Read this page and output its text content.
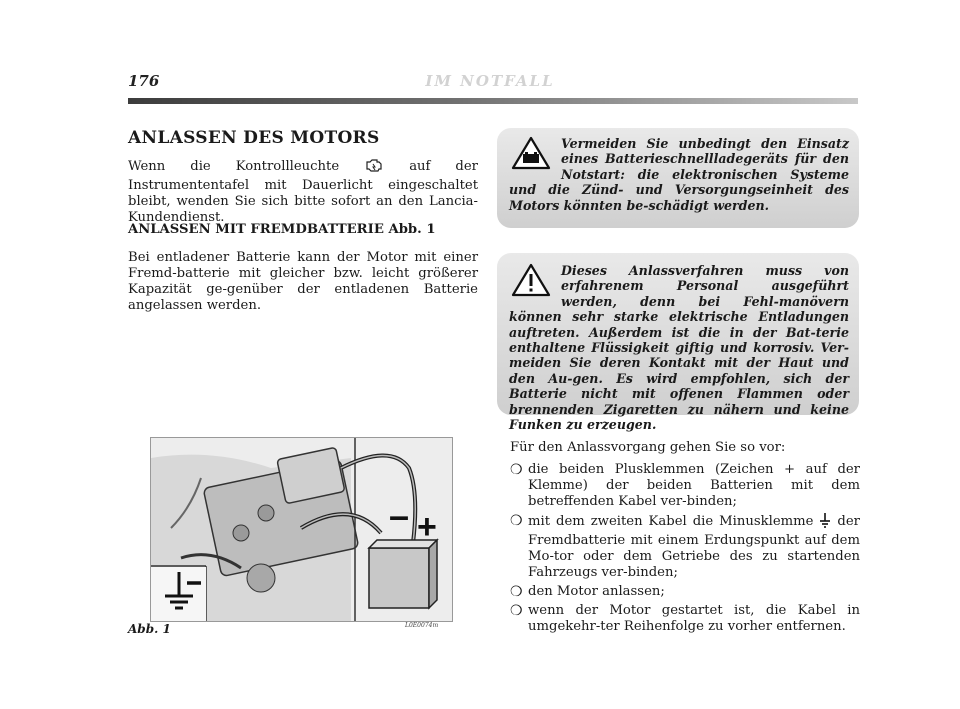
176	IM NOTFALL
ANLASSEN DES MOTORS
Wenn die Kontrollleuchte	auf der Instrumententafel mit Dauerlicht eingeschaltet bleibt, wenden Sie sich bitte sofort an den Lancia-Kundendienst.
ANLASSEN MIT FREMDBATTERIE Abb. 1
Bei entladener Batterie kann der Motor mit einer Fremd-batterie mit gleicher bzw. leicht größerer Kapazität ge-genüber der entladenen Batterie angelassen werden.
Vermeiden Sie unbedingt den Einsatz eines Batterieschnellladegeräts für den Notstart: die elektronischen Systeme und die Zünd- und Versorgungseinheit des Motors könnten be-schädigt werden.
Dieses Anlassverfahren muss von erfahrenem Personal ausgeführt werden, denn bei Fehl-manövern können sehr starke elektrische Entladungen auftreten. Außerdem ist die in der Bat-terie enthaltene Flüssigkeit giftig und korrosiv. Ver-meiden Sie deren Kontakt mit der Haut und den Au-gen. Es wird empfohlen, sich der Batterie nicht mit offenen Flammen oder brennenden Zigaretten zu nähern und keine Funken zu erzeugen.
– +
Abb. 1	L0E0074m
Für den Anlassvorgang gehen Sie so vor:
❍ die beiden Plusklemmen (Zeichen + auf der Klemme) der beiden Batterien mit dem betreffenden Kabel ver-binden;
❍ mit dem zweiten Kabel die Minusklemme der Fremdbatterie mit einem Erdungspunkt auf dem Mo-tor oder dem Getriebe des zu startenden Fahrzeugs ver-binden;
❍ den Motor anlassen;
❍ wenn der Motor gestartet ist, die Kabel in umgekehr-ter Reihenfolge zu vorher entfernen.
